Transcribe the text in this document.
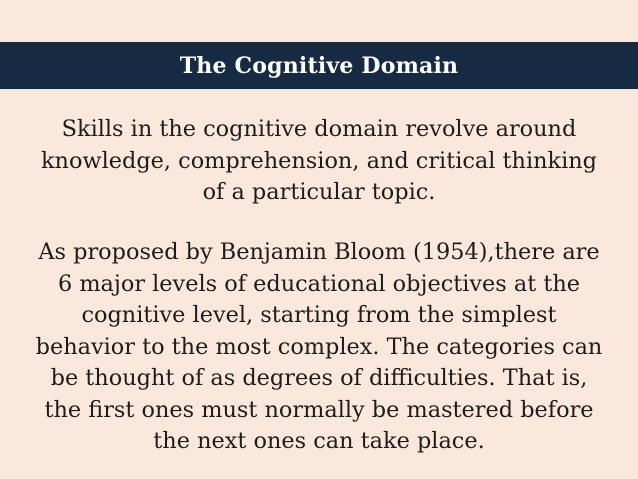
The Cognitive Domain

Skills in the cognitive domain revolve around
knowledge, comprehension, and critical thinking
of a particular topic.

As proposed by Benjamin Bloom (1954),there are
6 major levels of educational objectives at the
cognitive level, starting from the simplest
behavior to the most complex. The categories can
be thought of as degrees of difficulties. That is,
the first ones must normally be mastered before
the next ones can take place.
